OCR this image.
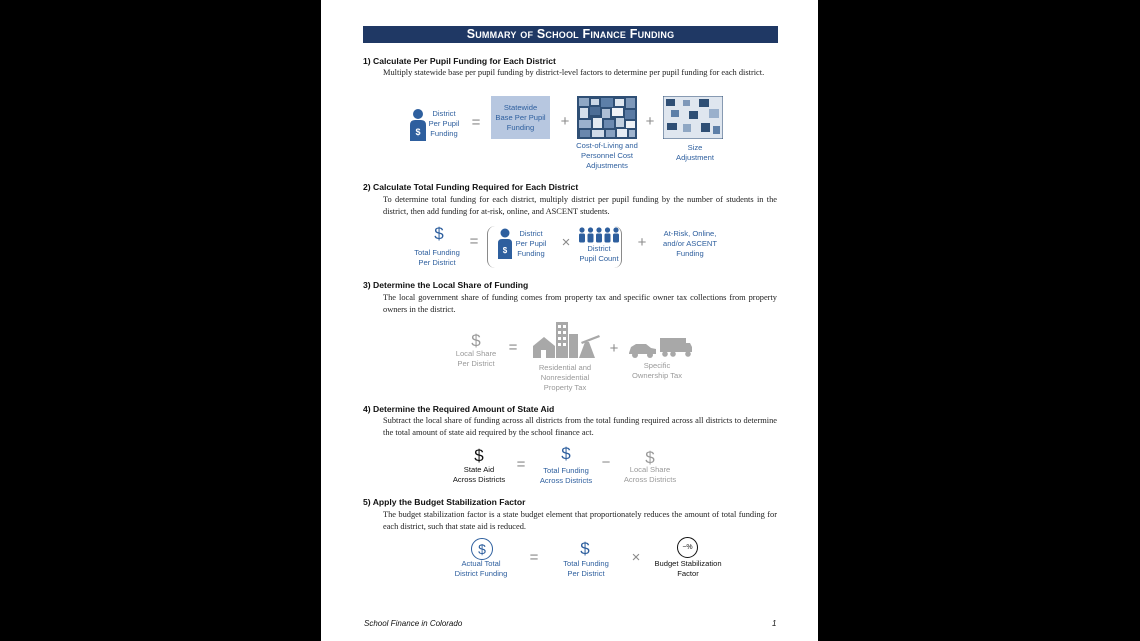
Summary of School Finance Funding
1) Calculate Per Pupil Funding for Each District
Multiply statewide base per pupil funding by district-level factors to determine per pupil funding for each district.
$
District
Per Pupil
Funding
=
Statewide
Base Per Pupil
Funding	+
Cost-of-Living and
Personnel Cost
Adjustments
+
Size
Adjustment
2) Calculate Total Funding Required for Each District
To determine total funding for each district, multiply district per pupil funding by the number of students in the district, then add funding for at-risk, online, and ASCENT students.
$
Total Funding
Per District
=
$
District
Per Pupil
Funding
×	District
Pupil Count
+
At-Risk, Online,
and/or ASCENT
Funding
3) Determine the Local Share of Funding
The local government share of funding comes from property tax and specific owner tax collections from property owners in the district.
$
Local Share
Per District
=
Residential and
Nonresidential
Property Tax
+
Specific
Ownership Tax
4) Determine the Required Amount of State Aid
Subtract the local share of funding across all districts from the total funding required across all districts to determine the total amount of state aid required by the school finance act.
$
State Aid
Across Districts
=
$
Total Funding
Across Districts
− $
Local Share
Across Districts
5) Apply the Budget Stabilization Factor
The budget stabilization factor is a state budget element that proportionately reduces the amount of total funding for each district, such that state aid is reduced.
$
Actual Total
District Funding
= $
Total Funding
Per District
×
−%
Budget Stabilization
Factor
School Finance in Colorado	1
